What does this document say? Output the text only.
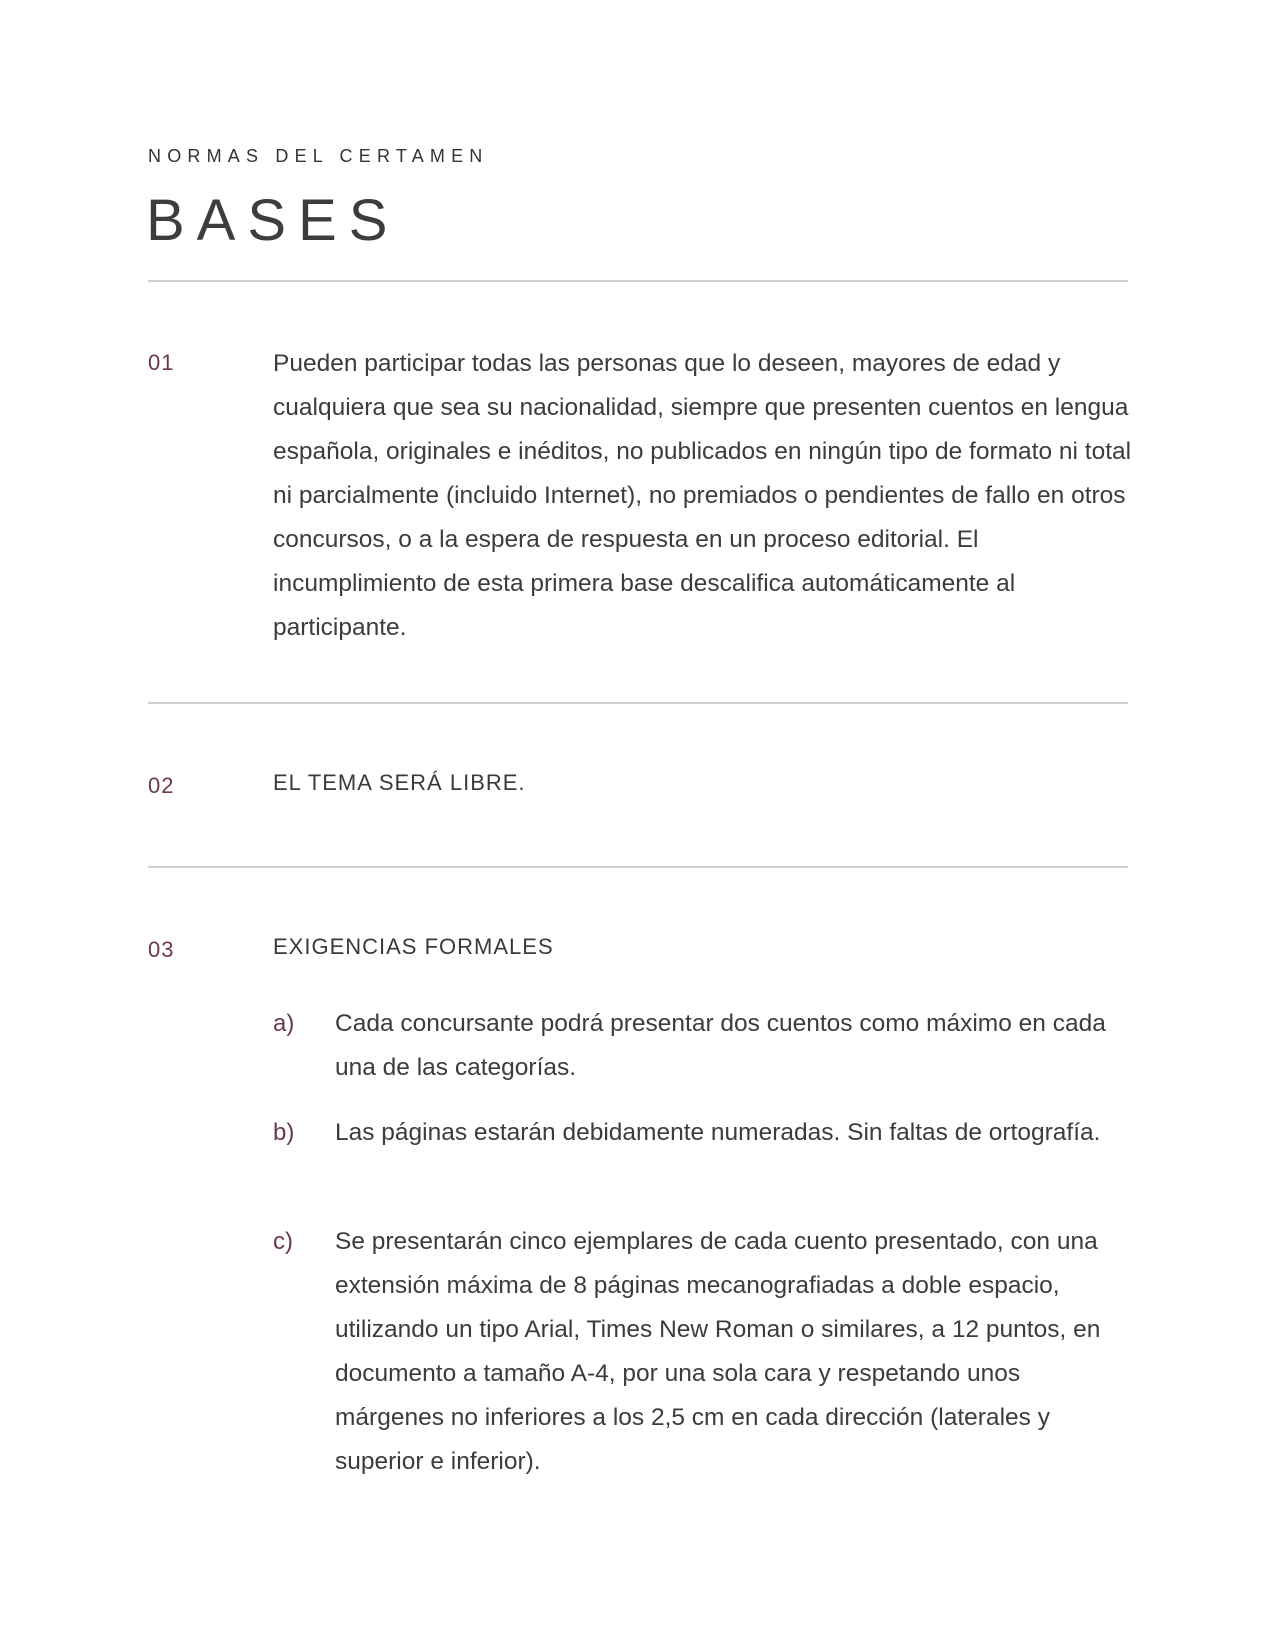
NORMAS DEL CERTAMEN
BASES
01	Pueden participar todas las personas que lo deseen, mayores de edad y cualquiera que sea su nacionalidad, siempre que presenten cuentos en lengua española, originales e inéditos, no publicados en ningún tipo de formato ni total ni parcialmente (incluido Internet), no premiados o pendientes de fallo en otros concursos, o a la espera de respuesta en un proceso editorial. El incumplimiento de esta primera base descalifica automáticamente al participante.
02	EL TEMA SERÁ LIBRE.
03	EXIGENCIAS FORMALES
a) Cada concursante podrá presentar dos cuentos como máximo en cada una de las categorías.
b) Las páginas estarán debidamente numeradas. Sin faltas de ortografía.
c) Se presentarán cinco ejemplares de cada cuento presentado, con una extensión máxima de 8 páginas mecanografiadas a doble espacio, utilizando un tipo Arial, Times New Roman o similares, a 12 puntos, en documento a tamaño A-4, por una sola cara y respetando unos márgenes no inferiores a los 2,5 cm en cada dirección (laterales y superior e inferior).
